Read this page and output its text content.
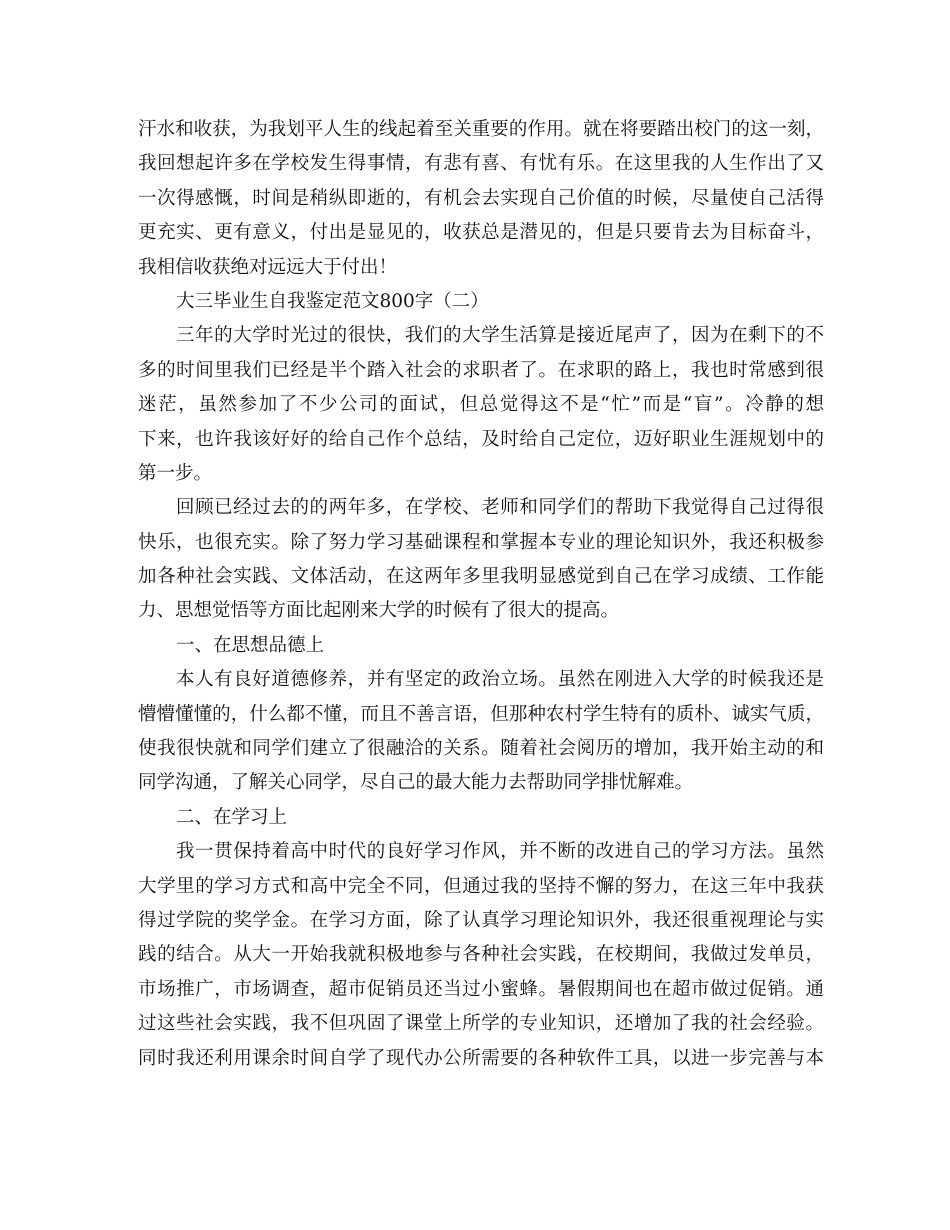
汗水和收获，为我划平人生的线起着至关重要的作用。就在将要踏出校门的这一刻，
我回想起许多在学校发生得事情，有悲有喜、有忧有乐。在这里我的人生作出了又
一次得感慨，时间是稍纵即逝的，有机会去实现自己价值的时候，尽量使自己活得
更充实、更有意义，付出是显见的，收获总是潜见的，但是只要肯去为目标奋斗，
我相信收获绝对远远大于付出！
大三毕业生自我鉴定范文800字（二）
三年的大学时光过的很快，我们的大学生活算是接近尾声了，因为在剩下的不
多的时间里我们已经是半个踏入社会的求职者了。在求职的路上，我也时常感到很
迷茫，虽然参加了不少公司的面试，但总觉得这不是“忙”而是“盲”。冷静的想
下来，也许我该好好的给自己作个总结，及时给自己定位，迈好职业生涯规划中的
第一步。
回顾已经过去的的两年多，在学校、老师和同学们的帮助下我觉得自己过得很
快乐，也很充实。除了努力学习基础课程和掌握本专业的理论知识外，我还积极参
加各种社会实践、文体活动，在这两年多里我明显感觉到自己在学习成绩、工作能
力、思想觉悟等方面比起刚来大学的时候有了很大的提高。
一、在思想品德上
本人有良好道德修养，并有坚定的政治立场。虽然在刚进入大学的时候我还是
懵懵懂懂的，什么都不懂，而且不善言语，但那种农村学生特有的质朴、诚实气质，
使我很快就和同学们建立了很融洽的关系。随着社会阅历的增加，我开始主动的和
同学沟通，了解关心同学，尽自己的最大能力去帮助同学排忧解难。
二、在学习上
我一贯保持着高中时代的良好学习作风，并不断的改进自己的学习方法。虽然
大学里的学习方式和高中完全不同，但通过我的坚持不懈的努力，在这三年中我获
得过学院的奖学金。在学习方面，除了认真学习理论知识外，我还很重视理论与实
践的结合。从大一开始我就积极地参与各种社会实践，在校期间，我做过发单员，
市场推广，市场调查，超市促销员还当过小蜜蜂。暑假期间也在超市做过促销。通
过这些社会实践，我不但巩固了课堂上所学的专业知识，还增加了我的社会经验。
同时我还利用课余时间自学了现代办公所需要的各种软件工具，以进一步完善与本
